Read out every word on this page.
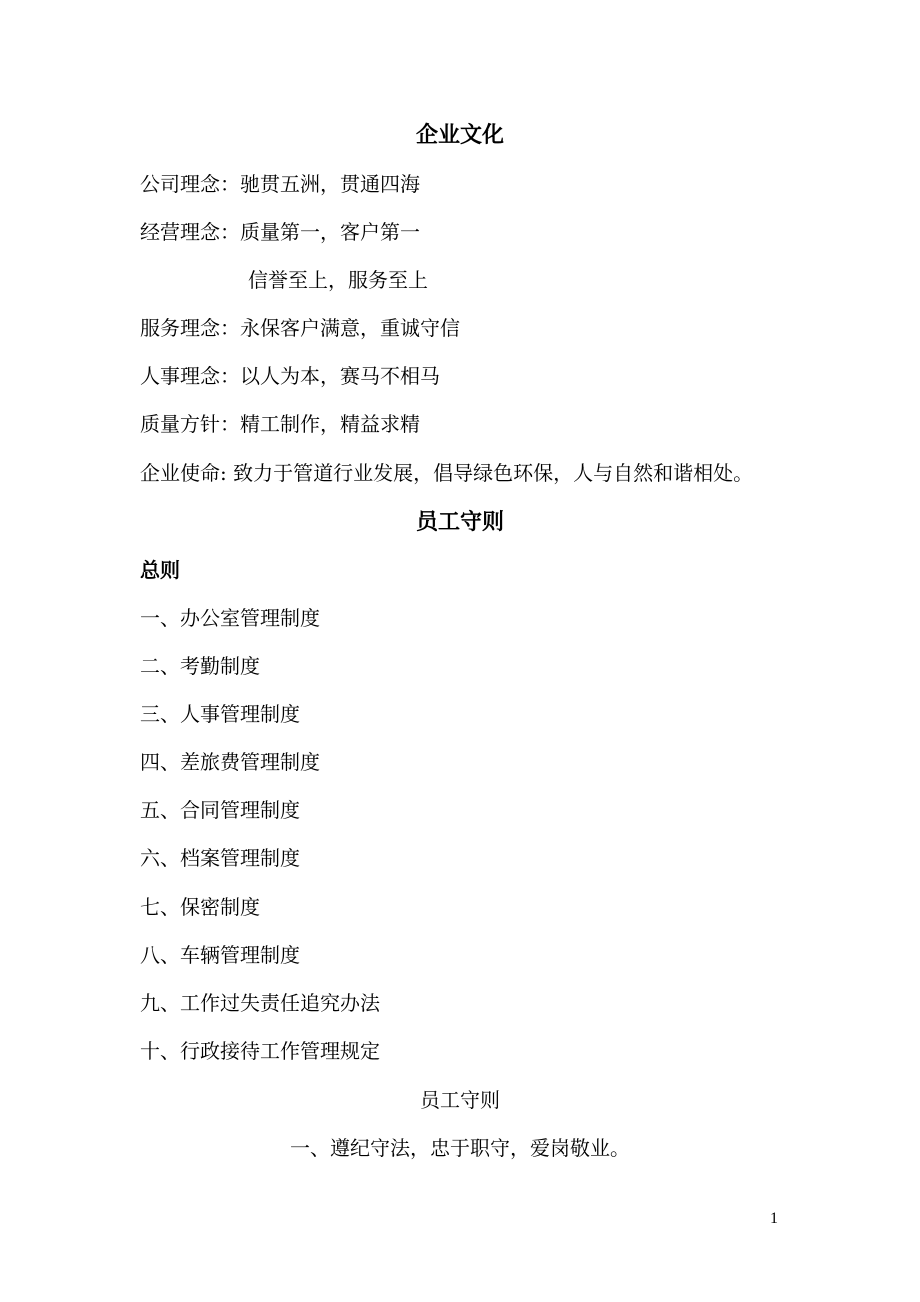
企业文化
公司理念：驰贯五洲，贯通四海
经营理念：质量第一，客户第一
信誉至上，服务至上
服务理念：永保客户满意，重诚守信
人事理念：以人为本，赛马不相马
质量方针：精工制作，精益求精
企业使命: 致力于管道行业发展，倡导绿色环保，人与自然和谐相处。
员工守则
总则
一、办公室管理制度
二、考勤制度
三、人事管理制度
四、差旅费管理制度
五、合同管理制度
六、档案管理制度
七、保密制度
八、车辆管理制度
九、工作过失责任追究办法
十、行政接待工作管理规定
员工守则
一、遵纪守法，忠于职守，爱岗敬业。
1
